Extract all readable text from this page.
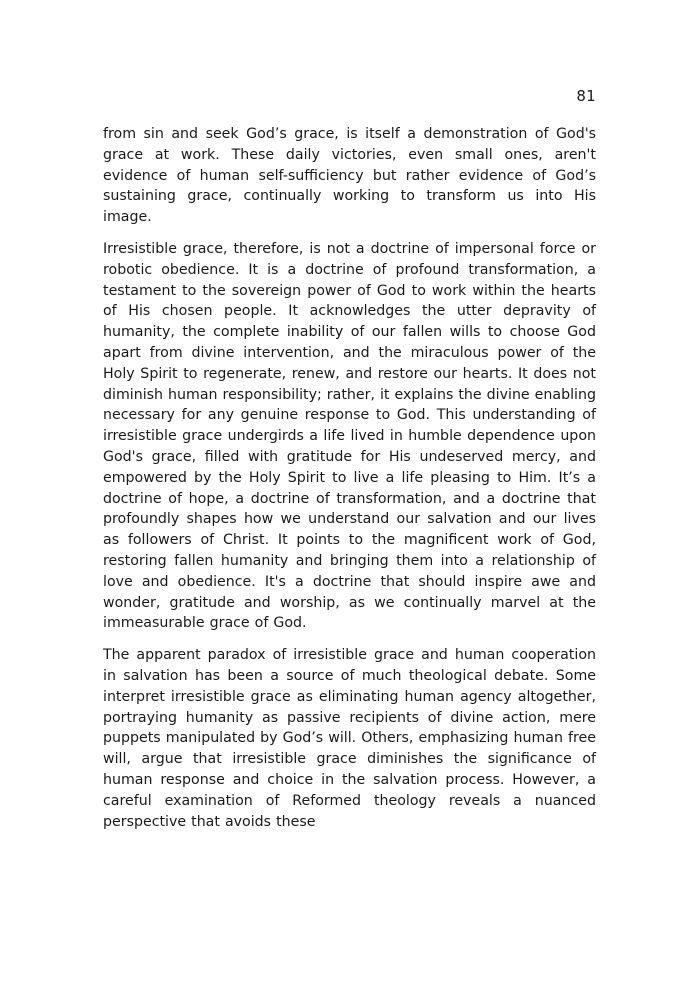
81

from sin and seek God’s grace, is itself a demonstration of God's grace at work. These daily victories, even small ones, aren't evidence of human self-sufficiency but rather evidence of God’s sustaining grace, continually working to transform us into His image.

Irresistible grace, therefore, is not a doctrine of impersonal force or robotic obedience. It is a doctrine of profound transformation, a testament to the sovereign power of God to work within the hearts of His chosen people. It acknowledges the utter depravity of humanity, the complete inability of our fallen wills to choose God apart from divine intervention, and the miraculous power of the Holy Spirit to regenerate, renew, and restore our hearts. It does not diminish human responsibility; rather, it explains the divine enabling necessary for any genuine response to God. This understanding of irresistible grace undergirds a life lived in humble dependence upon God's grace, filled with gratitude for His undeserved mercy, and empowered by the Holy Spirit to live a life pleasing to Him. It’s a doctrine of hope, a doctrine of transformation, and a doctrine that profoundly shapes how we understand our salvation and our lives as followers of Christ. It points to the magnificent work of God, restoring fallen humanity and bringing them into a relationship of love and obedience. It's a doctrine that should inspire awe and wonder, gratitude and worship, as we continually marvel at the immeasurable grace of God.

The apparent paradox of irresistible grace and human cooperation in salvation has been a source of much theological debate. Some interpret irresistible grace as eliminating human agency altogether, portraying humanity as passive recipients of divine action, mere puppets manipulated by God’s will. Others, emphasizing human free will, argue that irresistible grace diminishes the significance of human response and choice in the salvation process. However, a careful examination of Reformed theology reveals a nuanced perspective that avoids these
